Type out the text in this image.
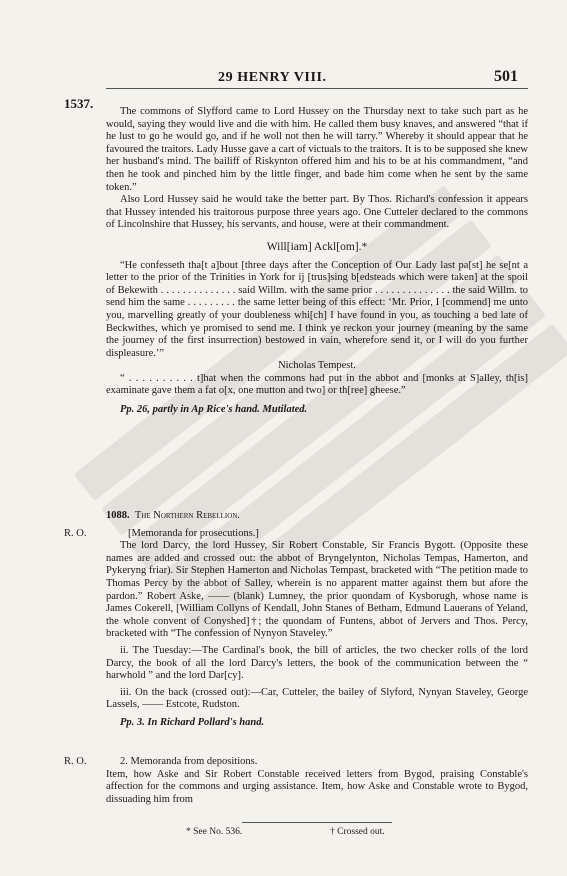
29 HENRY VIII.	501
1537.

The commons of Slyfford came to Lord Hussey on the Thursday next to take such part as he would, saying they would live and die with him. He called them busy knaves, and answered “that if he lust to go he would go, and if he woll not then he will tarry.” Whereby it should appear that he favoured the traitors. Lady Husse gave a cart of victuals to the traitors. It is to be supposed she knew her husband's mind. The bailiff of Riskynton offered him and his to be at his commandment, “and then he took and pinched him by the little finger, and bade him come when he sent by the same token.”

Also Lord Hussey said he would take the better part. By Thos. Richard's confession it appears that Hussey intended his traitorous purpose three years ago. One Cutteler declared to the commons of Lincolnshire that Hussey, his servants, and house, were at their commandment.

Will[iam] Ackl[om].*

“He confesseth tha[t a]bout [three days after the Conception of Our Lady last pa[st] he se[nt a letter to the prior of the Trinities in York for ij [trus]sing b[edsteads which were taken] at the spoil of Bekewith . . . . . . . . . . . . . . said Willm. with the same prior . . . . . . . . . . . . . . the said Willm. to send him the same . . . . . . . . . the same letter being of this effect: ‘Mr. Prior, I [commend] me unto you, marvelling greatly of your doubleness whi[ch] I have found in you, as touching a bed late of Beckwithes, which ye promised to send me. I think ye reckon your journey (meaning by the same the journey of the first insurrection) bestowed in vain, wherefore send it, or I will do you further displeasure.’”

Nicholas Tempest.

“ . . . . . . . . . . t]hat when the commons had put in the abbot and [monks at S]alley, th[is] examinate gave them a fat o[x, one mutton and two] or th[ree] gheese.”

Pp. 26, partly in Ap Rice's hand. Mutilated.

1088. The Northern Rebellion.

[Memoranda for prosecutions.]

The lord Darcy, the lord Hussey, Sir Robert Constable, Sir Francis Bygott. (Opposite these names are added and crossed out: the abbot of Bryngelynton, Nicholas Tempas, Hamerton, and Pykeryng friar). Sir Stephen Hamerton and Nicholas Tempast, bracketed with “The petition made to Thomas Percy by the abbot of Salley, wherein is no apparent matter against them but afore the pardon.” Robert Aske, —— (blank) Lumney, the prior quondam of Kysborugh, whose name is James Cokerell, [William Collyns of Kendall, John Stanes of Betham, Edmund Lauerans of Yeland, the whole convent of Conyshed]†; the quondam of Funtens, abbot of Jervers and Thos. Percy, bracketed with “The confession of Nynyon Staveley.”

ii. The Tuesday:—The Cardinal's book, the bill of articles, the two checker rolls of the lord Darcy, the book of all the lord Darcy's letters, the book of the communication between the “ harwhold ” and the lord Dar[cy].

iii. On the back (crossed out):—Car, Cutteler, the bailey of Slyford, Nynyan Staveley, George Lassels, —— Estcote, Rudston.

Pp. 3. In Richard Pollard's hand.

R. O.

2. Memoranda from depositions.

Item, how Aske and Sir Robert Constable received letters from Bygod, praising Constable's affection for the commons and urging assistance. Item, how Aske and Constable wrote to Bygod, dissuading him from

R. O.
* See No. 536.	† Crossed out.
